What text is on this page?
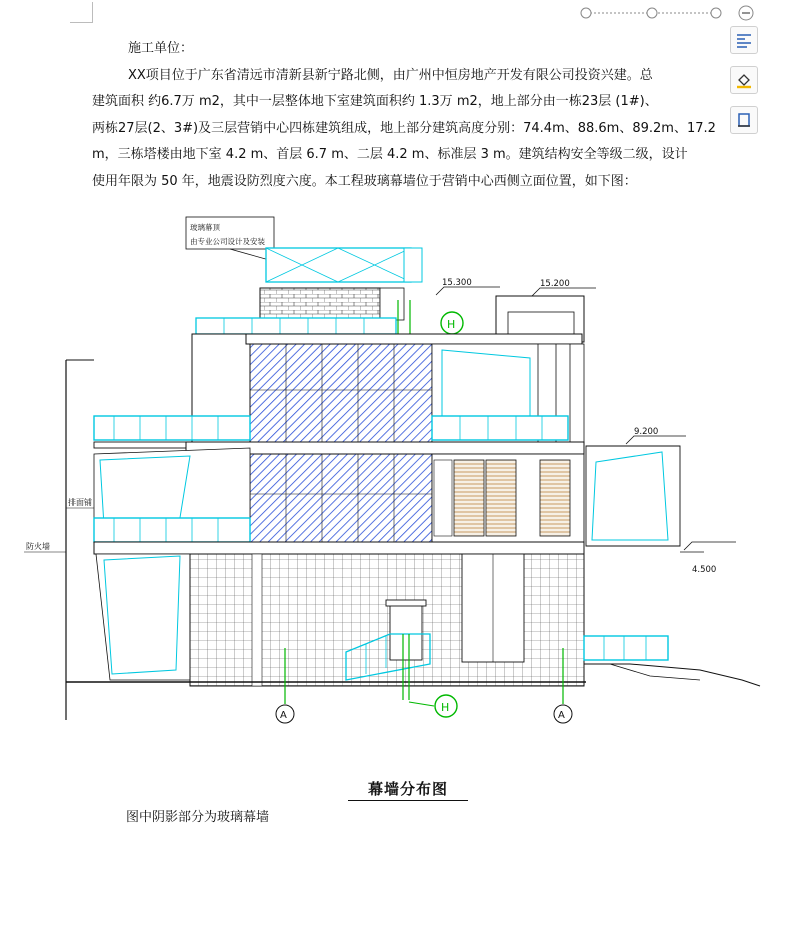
施工单位：
XX项目位于广东省清远市清新县新宁路北侧，由广州中恒房地产开发有限公司投资兴建。总
建筑面积 约6.7万 m2，其中一层整体地下室建筑面积约 1.3万 m2，地上部分由一栋23层 (1#)、
两栋27层(2、3#)及三层营销中心四栋建筑组成，地上部分建筑高度分别：74.4m、88.6m、89.2m、17.2
m，三栋塔楼由地下室 4.2 m、首层 6.7 m、二层 4.2 m、标准层 3 m。建筑结构安全等级二级，设计
使用年限为 50 年，地震设防烈度六度。本工程玻璃幕墙位于营销中心西侧立面位置，如下图：
玻璃幕顶
由专业公司设计及安装
15.300	15.200
H
9.200
排面铺
防火墙
4.500
A	A
H
幕墙分布图
图中阴影部分为玻璃幕墙
